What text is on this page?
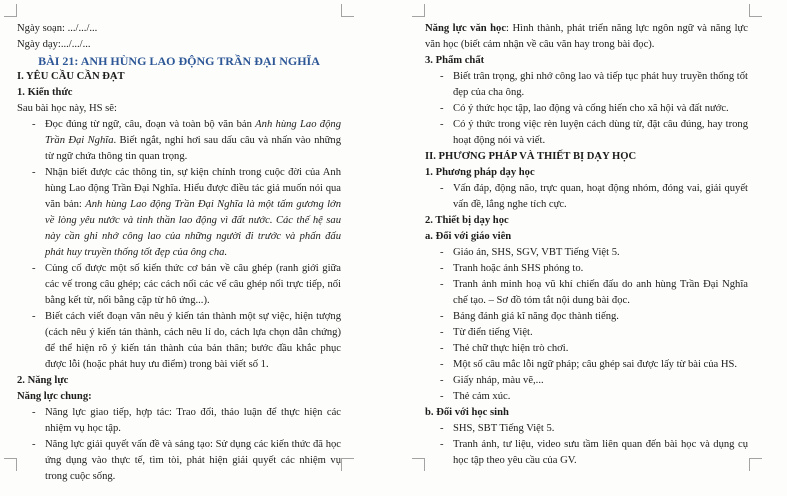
Ngày soạn: .../.../...
Ngày dạy:.../.../...
BÀI 21: ANH HÙNG LAO ĐỘNG TRẦN ĐẠI NGHĨA
I. YÊU CẦU CẦN ĐẠT
1. Kiến thức
Sau bài học này, HS sẽ:
- Đọc đúng từ ngữ, câu, đoạn và toàn bộ văn bản Anh hùng Lao động Trần Đại Nghĩa. Biết ngắt, nghỉ hơi sau dấu câu và nhấn vào những từ ngữ chứa thông tin quan trọng.
- Nhận biết được các thông tin, sự kiện chính trong cuộc đời của Anh hùng Lao động Trần Đại Nghĩa. Hiểu được điều tác giả muốn nói qua văn bản: Anh hùng Lao động Trần Đại Nghĩa là một tấm gương lớn về lòng yêu nước và tinh thần lao động vì đất nước. Các thế hệ sau này cần ghi nhớ công lao của những người đi trước và phấn đấu phát huy truyền thống tốt đẹp của ông cha.
- Củng cố được một số kiến thức cơ bản về câu ghép (ranh giới giữa các vế trong câu ghép; các cách nối các vế câu ghép nối trực tiếp, nối bằng kết từ, nối bằng cặp từ hô ứng...).
- Biết cách viết đoạn văn nêu ý kiến tán thành một sự việc, hiện tượng (cách nêu ý kiến tán thành, cách nêu lí do, cách lựa chọn dẫn chứng) để thể hiện rõ ý kiến tán thành của bản thân; bước đầu khắc phục được lỗi (hoặc phát huy ưu điểm) trong bài viết số 1.
2. Năng lực
Năng lực chung:
- Năng lực giao tiếp, hợp tác: Trao đổi, thảo luận để thực hiện các nhiệm vụ học tập.
- Năng lực giải quyết vấn đề và sáng tạo: Sử dụng các kiến thức đã học ứng dụng vào thực tế, tìm tòi, phát hiện giải quyết các nhiệm vụ trong cuộc sống.
Năng lực văn học: Hình thành, phát triển năng lực ngôn ngữ và năng lực văn học (biết cảm nhận về câu văn hay trong bài đọc).
3. Phẩm chất
- Biết trân trọng, ghi nhớ công lao và tiếp tục phát huy truyền thống tốt đẹp của cha ông.
- Có ý thức học tập, lao động và cống hiến cho xã hội và đất nước.
- Có ý thức trong việc rèn luyện cách dùng từ, đặt câu đúng, hay trong hoạt động nói và viết.
II. PHƯƠNG PHÁP VÀ THIẾT BỊ DẠY HỌC
1. Phương pháp dạy học
- Vấn đáp, động não, trực quan, hoạt động nhóm, đóng vai, giải quyết vấn đề, lắng nghe tích cực.
2. Thiết bị dạy học
a. Đối với giáo viên
- Giáo án, SHS, SGV, VBT Tiếng Việt 5.
- Tranh hoặc ảnh SHS phóng to.
- Tranh ảnh minh hoạ vũ khí chiến đấu do anh hùng Trần Đại Nghĩa chế tạo. – Sơ đồ tóm tắt nội dung bài đọc.
- Bảng đánh giá kĩ năng đọc thành tiếng.
- Từ điển tiếng Việt.
- Thẻ chữ thực hiện trò chơi.
- Một số câu mắc lỗi ngữ pháp; câu ghép sai được lấy từ bài của HS.
- Giấy nháp, màu vẽ,...
- Thẻ cảm xúc.
b. Đối với học sinh
- SHS, SBT Tiếng Việt 5.
- Tranh ảnh, tư liệu, video sưu tầm liên quan đến bài học và dụng cụ học tập theo yêu cầu của GV.
